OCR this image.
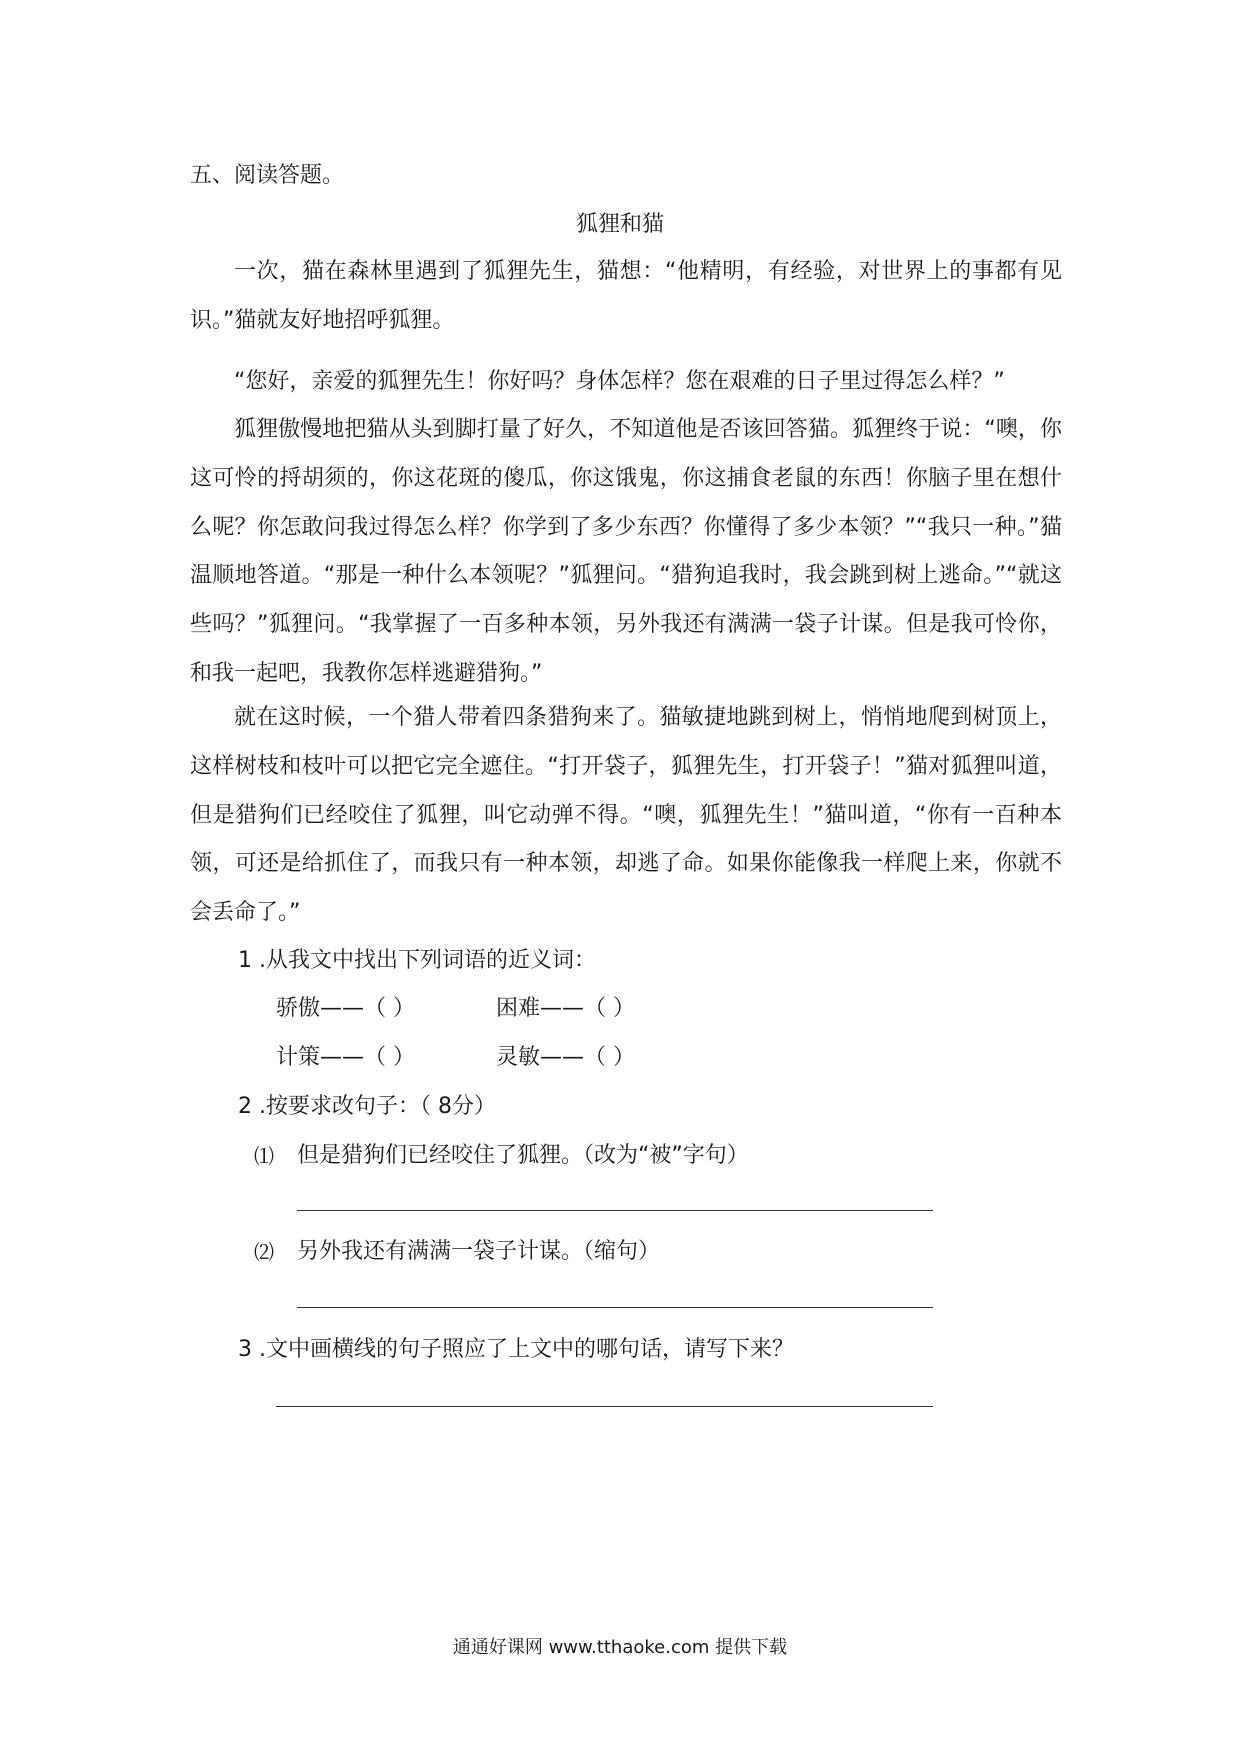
五、阅读答题。

狐狸和猫

一次，猫在森林里遇到了狐狸先生，猫想：“他精明，有经验，对世界上的事都有见识。”猫就友好地招呼狐狸。

“您好，亲爱的狐狸先生！你好吗？身体怎样？您在艰难的日子里过得怎么样？”

狐狸傲慢地把猫从头到脚打量了好久，不知道他是否该回答猫。狐狸终于说：“噢，你这可怜的捋胡须的，你这花斑的傻瓜，你这饿鬼，你这捕食老鼠的东西！你脑子里在想什么呢？你怎敢问我过得怎么样？你学到了多少东西？你懂得了多少本领？”“我只一种。”猫温顺地答道。“那是一种什么本领呢？”狐狸问。“猎狗追我时，我会跳到树上逃命。”“就这些吗？”狐狸问。“我掌握了一百多种本领，另外我还有满满一袋子计谋。但是我可怜你，和我一起吧，我教你怎样逃避猎狗。”

就在这时候，一个猎人带着四条猎狗来了。猫敏捷地跳到树上，悄悄地爬到树顶上，这样树枝和枝叶可以把它完全遮住。“打开袋子，狐狸先生，打开袋子！”猫对狐狸叫道，但是猎狗们已经咬住了狐狸，叫它动弹不得。“噢，狐狸先生！”猫叫道，“你有一百种本领，可还是给抓住了，而我只有一种本领，却逃了命。如果你能像我一样爬上来，你就不会丢命了。”

1 .从我文中找出下列词语的近义词：

骄傲——（ ）	困难——（ ）
计策——（ ）	灵敏——（ ）

2 .按要求改句子：（ 8分）

⑴ 但是猎狗们已经咬住了狐狸。（改为“被”字句）
⑵ 另外我还有满满一袋子计谋。（缩句）

3 .文中画横线的句子照应了上文中的哪句话，请写下来？

通通好课网 www.tthaoke.com 提供下载
